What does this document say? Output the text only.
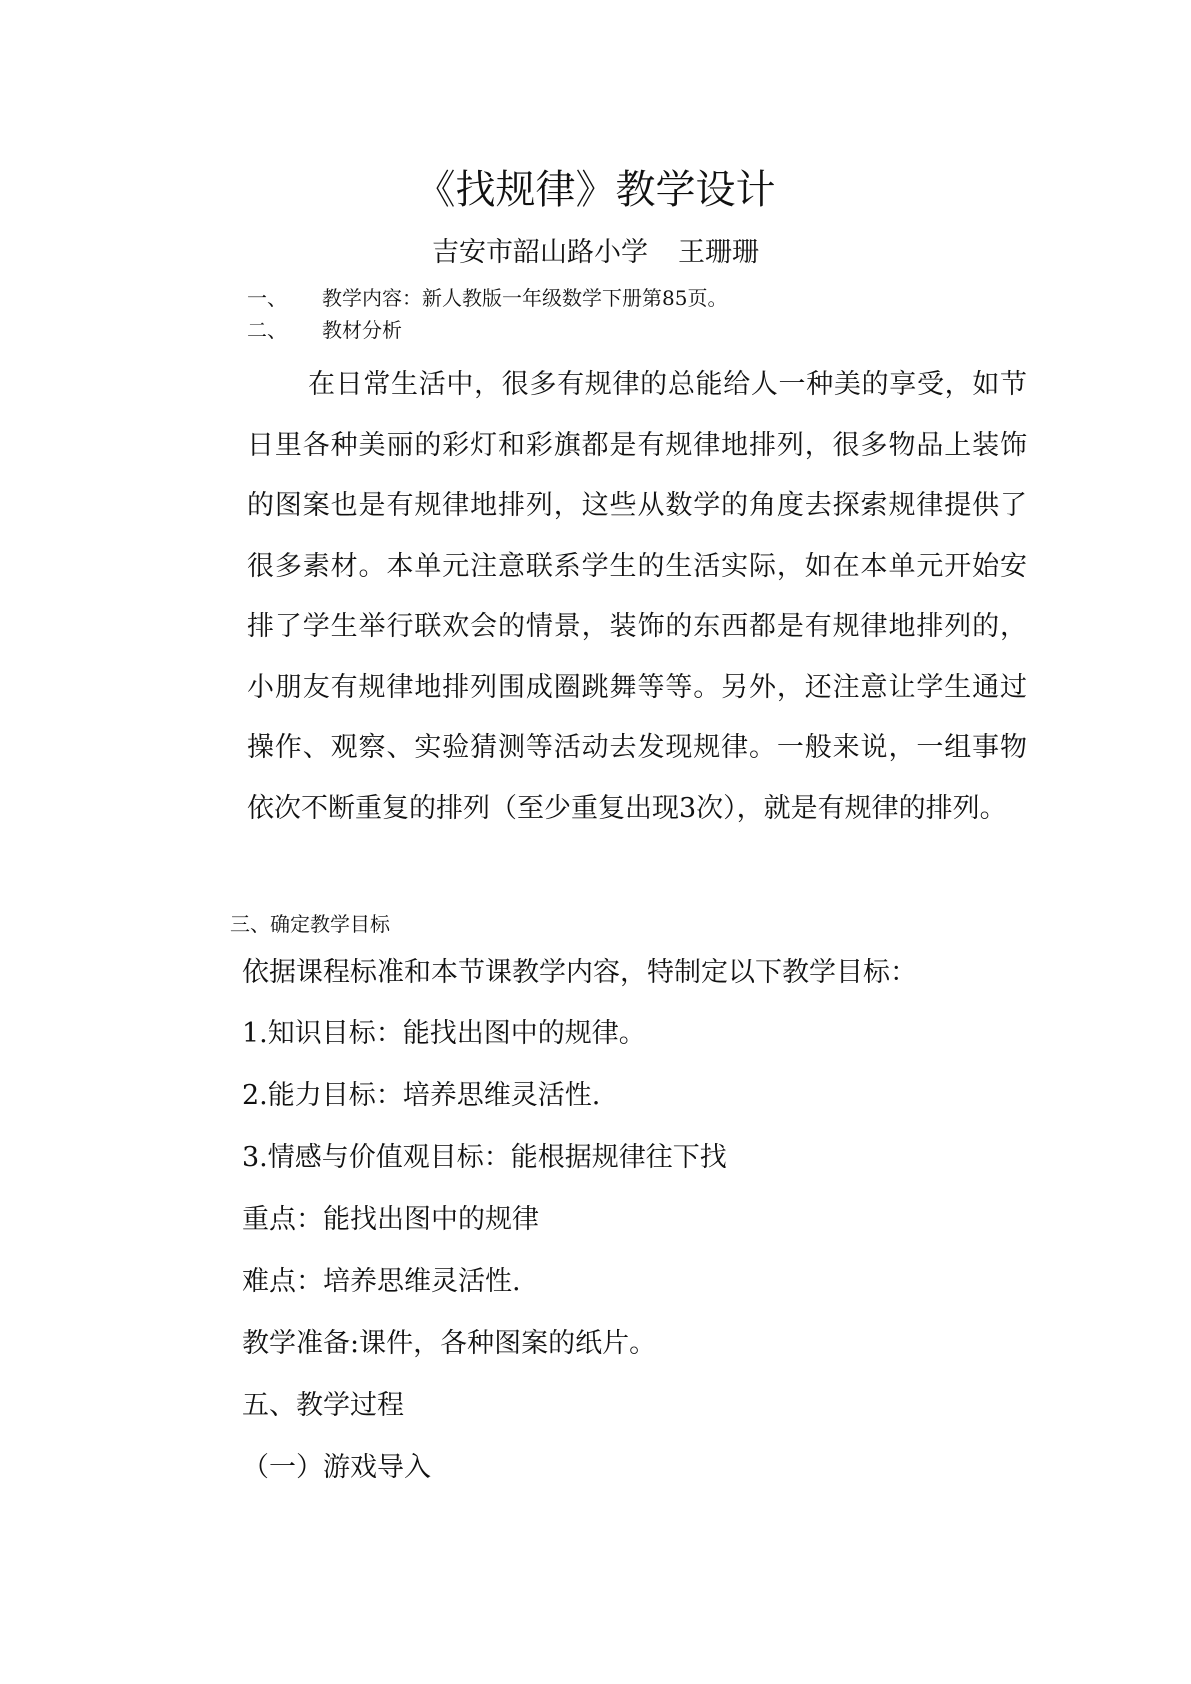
《找规律》教学设计
吉安市韶山路小学 王珊珊
一、 教学内容：新人教版一年级数学下册第85页。
二、 教材分析

在日常生活中，很多有规律的总能给人一种美的享受，如节日里各种美丽的彩灯和彩旗都是有规律地排列，很多物品上装饰的图案也是有规律地排列，这些从数学的角度去探索规律提供了很多素材。本单元注意联系学生的生活实际，如在本单元开始安排了学生举行联欢会的情景，装饰的东西都是有规律地排列的，小朋友有规律地排列围成圈跳舞等等。另外，还注意让学生通过操作、观察、实验猜测等活动去发现规律。一般来说，一组事物依次不断重复的排列（至少重复出现3次），就是有规律的排列。

三、确定教学目标
依据课程标准和本节课教学内容，特制定以下教学目标：
1.知识目标：能找出图中的规律。
2.能力目标：培养思维灵活性.
3.情感与价值观目标：能根据规律往下找
重点：能找出图中的规律
难点：培养思维灵活性.
教学准备:课件，各种图案的纸片。
五、教学过程
（一）游戏导入
